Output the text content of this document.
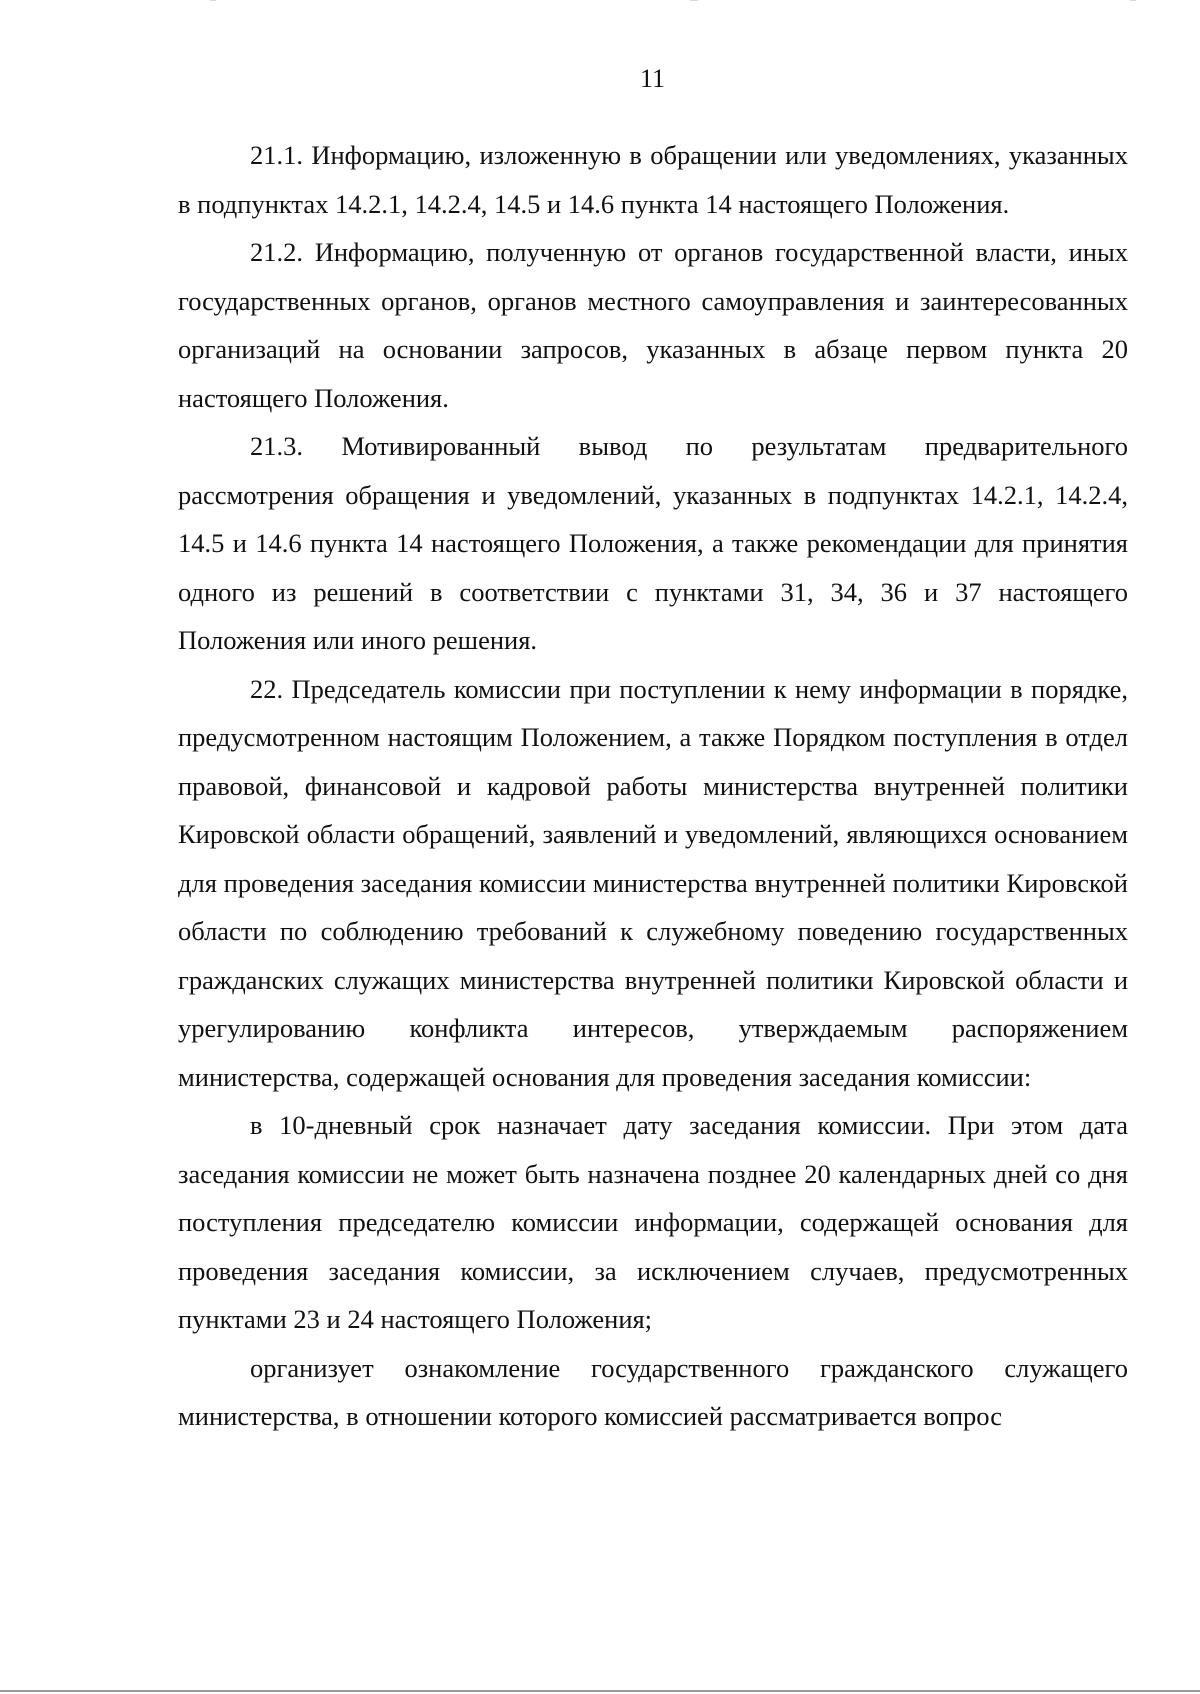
11

21.1. Информацию, изложенную в обращении или уведомлениях, указанных в подпунктах 14.2.1, 14.2.4, 14.5 и 14.6 пункта 14 настоящего Положения.

21.2. Информацию, полученную от органов государственной власти, иных государственных органов, органов местного самоуправления и заинтересованных организаций на основании запросов, указанных в абзаце первом пункта 20 настоящего Положения.

21.3. Мотивированный вывод по результатам предварительного рассмотрения обращения и уведомлений, указанных в подпунктах 14.2.1, 14.2.4, 14.5 и 14.6 пункта 14 настоящего Положения, а также рекомендации для принятия одного из решений в соответствии с пунктами 31, 34, 36 и 37 настоящего Положения или иного решения.

22. Председатель комиссии при поступлении к нему информации в порядке, предусмотренном настоящим Положением, а также Порядком поступления в отдел правовой, финансовой и кадровой работы министерства внутренней политики Кировской области обращений, заявлений и уведомлений, являющихся основанием для проведения заседания комиссии министерства внутренней политики Кировской области по соблюдению требований к служебному поведению государственных гражданских служащих министерства внутренней политики Кировской области и урегулированию конфликта интересов, утверждаемым распоряжением министерства, содержащей основания для проведения заседания комиссии:

в 10-дневный срок назначает дату заседания комиссии. При этом дата заседания комиссии не может быть назначена позднее 20 календарных дней со дня поступления председателю комиссии информации, содержащей основания для проведения заседания комиссии, за исключением случаев, предусмотренных пунктами 23 и 24 настоящего Положения;

организует ознакомление государственного гражданского служащего министерства, в отношении которого комиссией рассматривается вопрос
